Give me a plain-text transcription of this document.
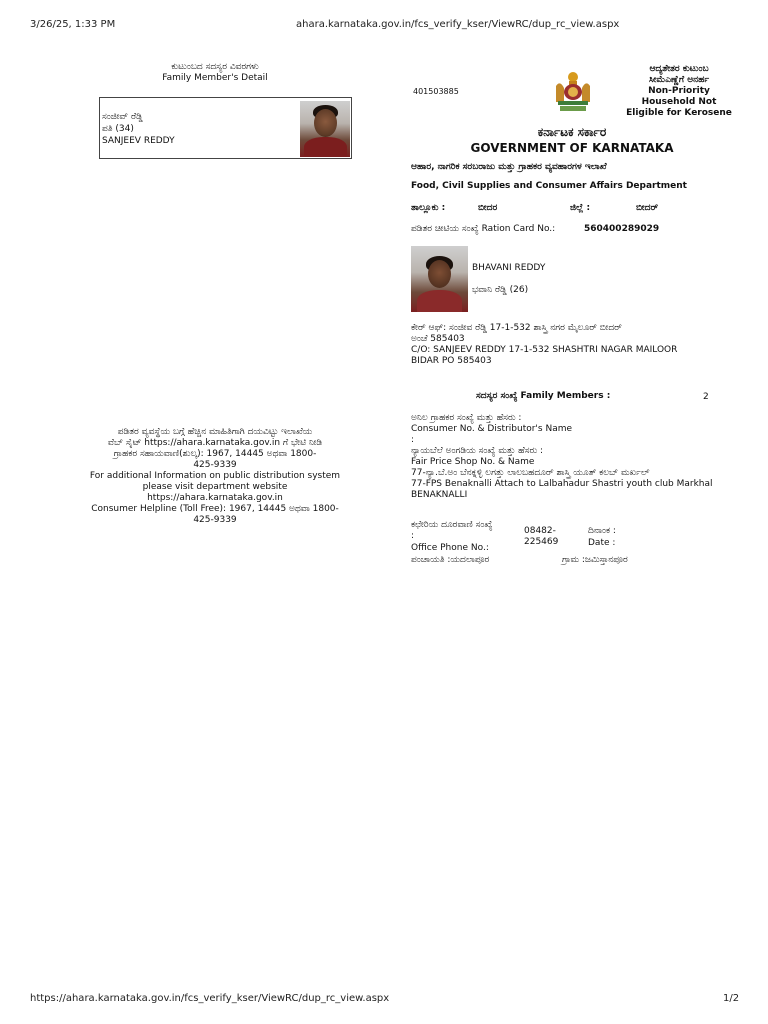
3/26/25, 1:33 PM	ahara.karnataka.gov.in/fcs_verify_kser/ViewRC/dup_rc_view.aspx
ಕುಟುಂಬದ ಸದಸ್ಯರ ವಿವರಗಳು
Family Member's Detail
ಸಂಜೀವ್ ರೆಡ್ಡಿ
ಪತಿ (34)
SANJEEV REDDY
ಪಡಿತರ ವ್ಯವಸ್ಥೆಯ ಬಗ್ಗೆ ಹೆಚ್ಚಿನ ಮಾಹಿತಿಗಾಗಿ ದಯವಿಟ್ಟು ಇಲಾಖೆಯ
ವೆಬ್ ಸೈಟ್ https://ahara.karnataka.gov.in ಗೆ ಭೇಟಿ ನೀಡಿ
ಗ್ರಾಹಕರ ಸಹಾಯವಾಣಿ(ಶುಲ್ಕ): 1967, 14445 ಅಥವಾ 1800-
425-9339
For additional Information on public distribution system
please visit department website
https://ahara.karnataka.gov.in
Consumer Helpline (Toll Free): 1967, 14445 ಅಥವಾ 1800-
425-9339
401503885
ಆದ್ಯತೇತರ ಕುಟುಂಬ
ಸೀಮೆಎಣ್ಣೆಗೆ ಅನರ್ಹ
Non-Priority
Household Not
Eligible for Kerosene
ಕರ್ನಾಟಕ ಸರ್ಕಾರ
GOVERNMENT OF KARNATAKA
ಆಹಾರ, ನಾಗರಿಕ ಸರಬರಾಜು ಮತ್ತು ಗ್ರಾಹಕರ ವ್ಯವಹಾರಗಳ ಇಲಾಖೆ
Food, Civil Supplies and Consumer Affairs Department
ತಾಲ್ಲೂಕು :	ಬೀದರ	ಜಿಲ್ಲೆ :	ಬೀದರ್
ಪಡಿತರ ಚೀಟಿಯ ಸಂಖ್ಯೆ Ration Card No.:	560400289029
BHAVANI REDDY
ಭವಾನಿ ರೆಡ್ಡಿ (26)
ಕೇರ್ ಆಫ್: ಸಂಜೀವ ರೆಡ್ಡಿ 17-1-532 ಶಾಸ್ತ್ರಿ ನಗರ ಮೈಲೂರ್ ಬೀದರ್
ಅಂಚೆ 585403
C/O: SANJEEV REDDY 17-1-532 SHASHTRI NAGAR MAILOOR
BIDAR PO 585403
ಸದಸ್ಯರ ಸಂಖ್ಯೆ Family Members :	2
ಅನಿಲ ಗ್ರಾಹಕರ ಸಂಖ್ಯೆ ಮತ್ತು ಹೆಸರು :
Consumer No. & Distributor's Name
:
ನ್ಯಾಯಬೆಲೆ ಅಂಗಡಿಯ ಸಂಖ್ಯೆ ಮತ್ತು ಹೆಸರು :
Fair Price Shop No. & Name
77-ನ್ಯಾ.ಬೆ.ಅಂ ಬೆನಕ್ನಳ್ಳಿ ಲಗತ್ತು ಲಾಲಬಹದೂರ್ ಶಾಸ್ತ್ರಿ ಯೂತ್ ಕಲಬ್ ಮರ್ಖಲ್
77-FPS Benaknalli Attach to Lalbahadur Shastri youth club Markhal
BENAKNALLI
ಕಛೇರಿಯ ದೂರವಾಣಿ ಸಂಖ್ಯೆ
:
Office Phone No.:
08482-
225469
ದಿನಾಂಕ :
Date :
ಪಂಚಾಯತಿ :ಯದಲಾಪೂರ	ಗ್ರಾಮ :ಜಮಿಸ್ತಾನಪೂರ
https://ahara.karnataka.gov.in/fcs_verify_kser/ViewRC/dup_rc_view.aspx	1/2
